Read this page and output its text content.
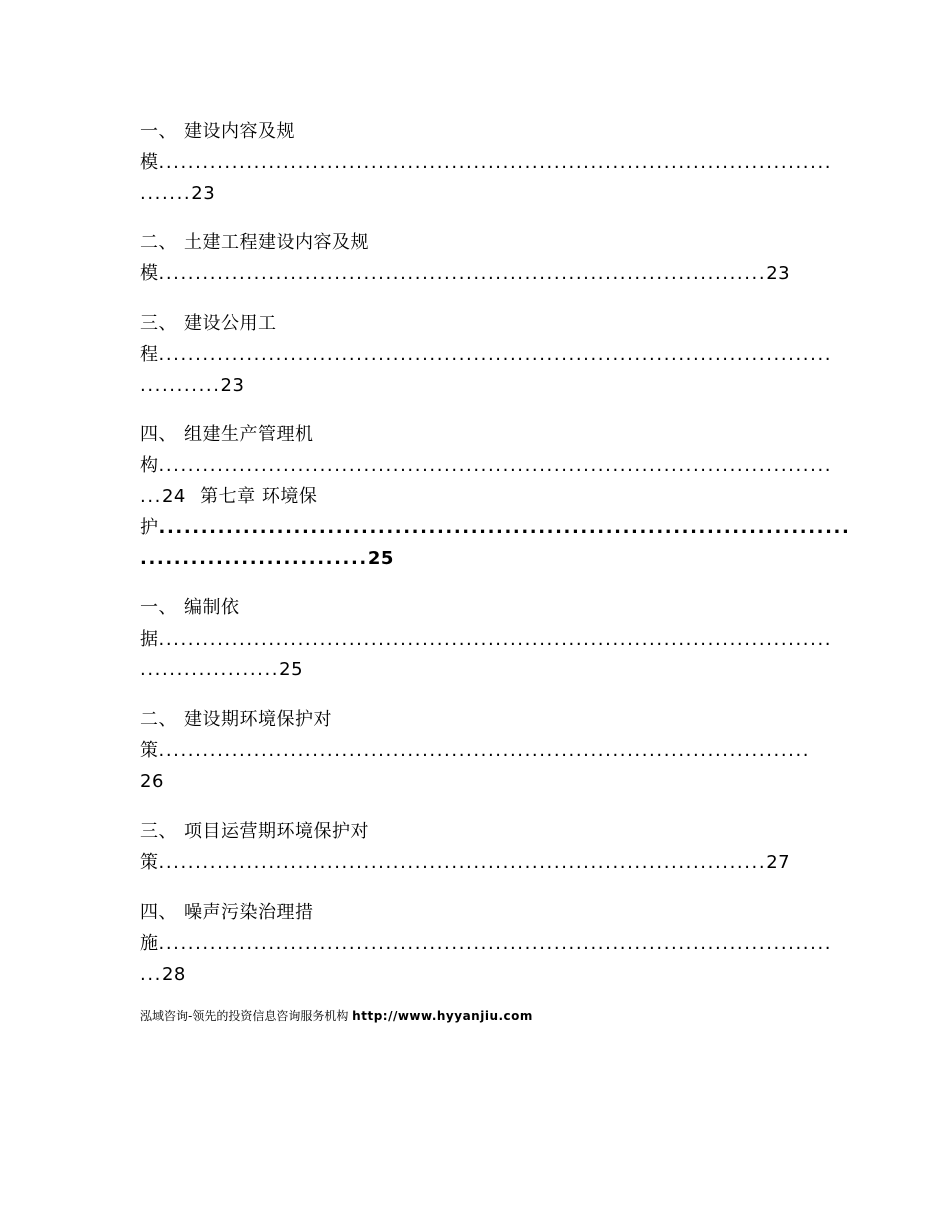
一、 建设内容及规
模............................................................................................
.......23
二、 土建工程建设内容及规
模...................................................................................23
三、 建设公用工
程............................................................................................
...........23
四、 组建生产管理机
构............................................................................................
...24 第七章 环境保
护..................................................................................
...........................25
一、 编制依
据............................................................................................
...................25
二、 建设期环境保护对
策.........................................................................................
26
三、 项目运营期环境保护对
策...................................................................................27
四、 噪声污染治理措
施............................................................................................
...28
泓域咨询-领先的投资信息咨询服务机构 http://www.hyyanjiu.com
